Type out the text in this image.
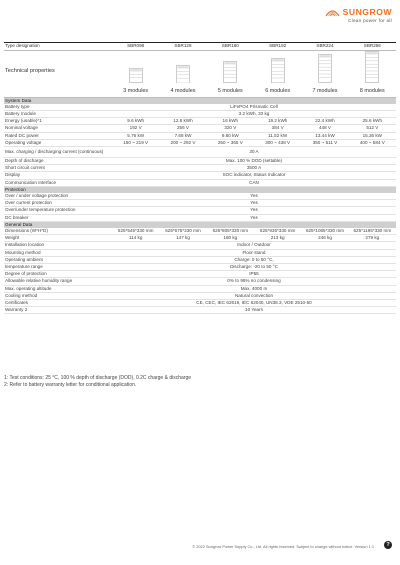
SUNGROW
Clean power for all
Type designation	SBR096	SBR128	SBR160	SBR192	SBR224	SBR256
Technical properties	3 modules	4 modules	5 modules	6 modules	7 modules	8 modules
System Data						
Battery type	LiFePO4 Prismatic Cell					
Battery module	3.2 kWh, 33 kg					
Energy (usable)*1	9.6 kWh	12.8 kWh	16 kWh	19.2 kWh	22.4 kWh	25.6 kWh
Nominal voltage	192 V	256 V	320 V	384 V	448 V	512 V
Rated DC power	5.76 kW	7.68 kW	9.60 kW	11.52 kW	13.44 kW	15.36 kW
Operating voltage	150 ~ 219 V	200 ~ 292 V	250 ~ 365 V	300 ~ 438 V	350 ~ 511 V	400 ~ 584 V
Max. charging / discharging current (continuous)	30 A					
Depth of discharge	Max. 100 % DOD (settable)					
Short circuit current	3500 A					
Display	SOC indicator, Status Indicator					
Communication Interface	CAN					
Protection						
Over / under voltage protection	Yes					
Over current protection	Yes					
Over/under temperature protection	Yes					
DC breaker	Yes					
General Data						
Dimensions (W*H*D)	625*545*330 mm	625*675*330 mm	625*805*330 mm	625*935*330 mm	625*1065*330 mm	625*1195*330 mm
Weight	114 kg	147 kg	180 kg	213 kg	246 kg	279 kg
Installation location	Indoor / Outdoor					
Mounting method	Floor stand					
Operating ambient	Charge: 0 to 50 °C,					
temperature range	Discharge: -20 to 50 °C					
Degree of protection	IP55					
Allowable relative humidity range	0% to 95% no condensing					
Max. operating altitude	Max. 4000 m					
Cooling method	Natural convection					
Certificates	CE, CEC, IEC 62619, IEC 62040, UN38.3, VDE 2510-50					
Warranty 2	10 Years					
1: Test conditions: 25 °C, 100 % depth of discharge (DOD), 0.2C charge & discharge
2: Refer to battery warranty letter for conditional application.
© 2022 Sungrow Power Supply Co., Ltd. All rights reserved. Subject to change without notice. Version 1.1	?
